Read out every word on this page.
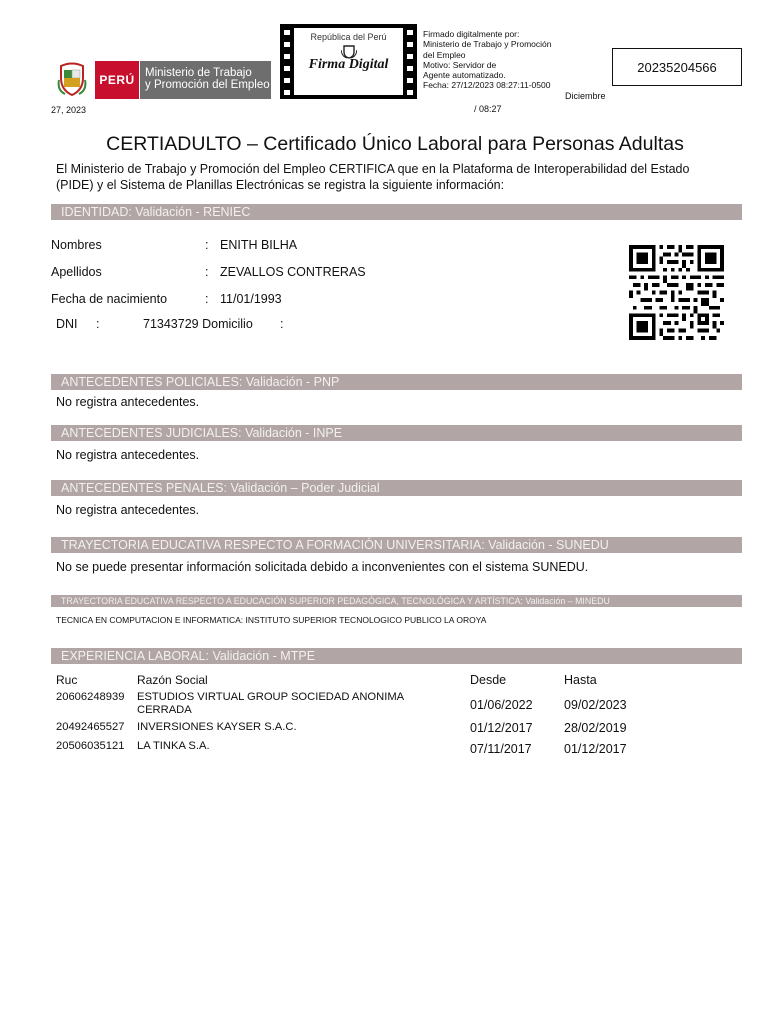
PERÚ Ministerio de Trabajo
y Promoción del Empleo
República del Perú
Firma Digital
Firmado digitalmente por:
Ministerio de Trabajo y Promoción
del Empleo
Motivo: Servidor de
Agente automatizado.
Fecha: 27/12/2023 08:27:11-0500
Diciembre
27, 2023	/ 08:27
20235204566
CERTIADULTO – Certificado Único Laboral para Personas Adultas
El Ministerio de Trabajo y Promoción del Empleo CERTIFICA que en la Plataforma de Interoperabilidad del Estado (PIDE) y el Sistema de Planillas Electrónicas se registra la siguiente información:
IDENTIDAD: Validación - RENIEC
Nombres	: ENITH BILHA
Apellidos	: ZEVALLOS CONTRERAS
Fecha de nacimiento	: 11/01/1993
DNI :	71343729 Domicilio :
ANTECEDENTES POLICIALES: Validación - PNP
No registra antecedentes.
ANTECEDENTES JUDICIALES: Validación - INPE
No registra antecedentes.
ANTECEDENTES PENALES: Validación – Poder Judicial
No registra antecedentes.
TRAYECTORIA EDUCATIVA RESPECTO A FORMACIÓN UNIVERSITARIA: Validación - SUNEDU
No se puede presentar información solicitada debido a inconvenientes con el sistema SUNEDU.
TRAYECTORIA EDUCATIVA RESPECTO A EDUCACIÓN SUPERIOR PEDAGÓGICA, TECNOLÓGICA Y ARTÍSTICA: Validación – MINEDU
TECNICA EN COMPUTACION E INFORMATICA: INSTITUTO SUPERIOR TECNOLOGICO PUBLICO LA OROYA
EXPERIENCIA LABORAL: Validación - MTPE
Ruc	Razón Social	Desde	Hasta
20606248939 ESTUDIOS VIRTUAL GROUP SOCIEDAD ANONIMA
CERRADA	01/06/2022	09/02/2023
20492465527 INVERSIONES KAYSER S.A.C.	01/12/2017	28/02/2019
20506035121 LA TINKA S.A.	07/11/2017	01/12/2017
